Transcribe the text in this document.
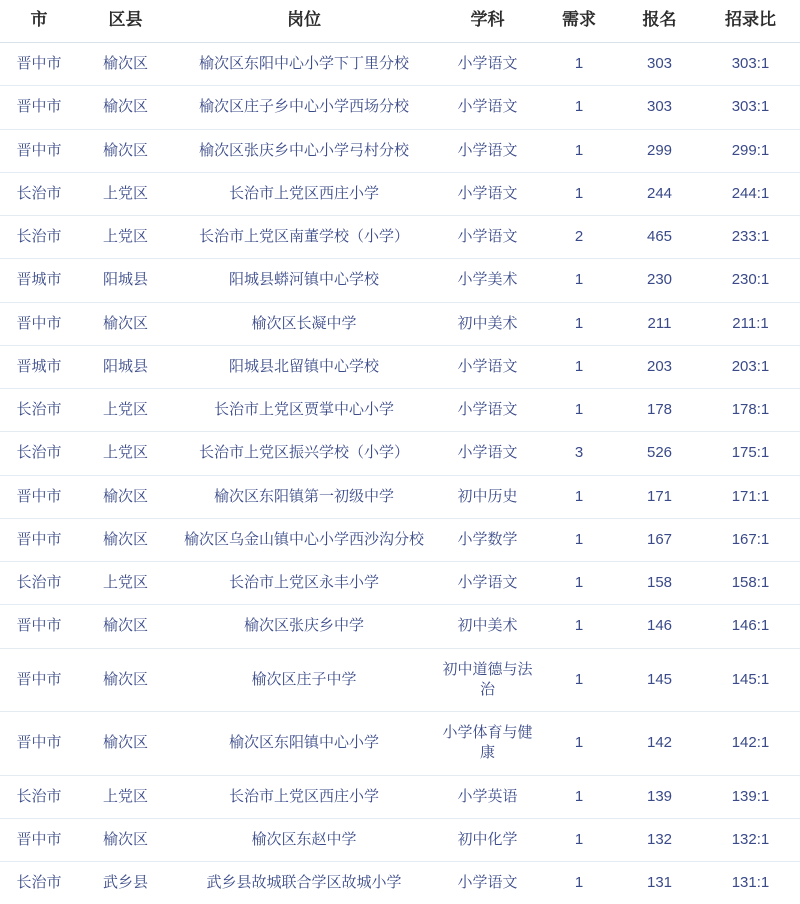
市	区县	岗位	学科	需求	报名	招录比
晋中市	榆次区	榆次区东阳中心小学下丁里分校	小学语文	1	303	303:1
晋中市	榆次区	榆次区庄子乡中心小学西场分校	小学语文	1	303	303:1
晋中市	榆次区	榆次区张庆乡中心小学弓村分校	小学语文	1	299	299:1
长治市	上党区	长治市上党区西庄小学	小学语文	1	244	244:1
长治市	上党区	长治市上党区南董学校（小学）	小学语文	2	465	233:1
晋城市	阳城县	阳城县蟒河镇中心学校	小学美术	1	230	230:1
晋中市	榆次区	榆次区长凝中学	初中美术	1	211	211:1
晋城市	阳城县	阳城县北留镇中心学校	小学语文	1	203	203:1
长治市	上党区	长治市上党区贾掌中心小学	小学语文	1	178	178:1
长治市	上党区	长治市上党区振兴学校（小学）	小学语文	3	526	175:1
晋中市	榆次区	榆次区东阳镇第一初级中学	初中历史	1	171	171:1
晋中市	榆次区	榆次区乌金山镇中心小学西沙沟分校	小学数学	1	167	167:1
长治市	上党区	长治市上党区永丰小学	小学语文	1	158	158:1
晋中市	榆次区	榆次区张庆乡中学	初中美术	1	146	146:1
晋中市	榆次区	榆次区庄子中学	初中道德与法治	1	145	145:1
晋中市	榆次区	榆次区东阳镇中心小学	小学体育与健康	1	142	142:1
长治市	上党区	长治市上党区西庄小学	小学英语	1	139	139:1
晋中市	榆次区	榆次区东赵中学	初中化学	1	132	132:1
长治市	武乡县	武乡县故城联合学区故城小学	小学语文	1	131	131:1
